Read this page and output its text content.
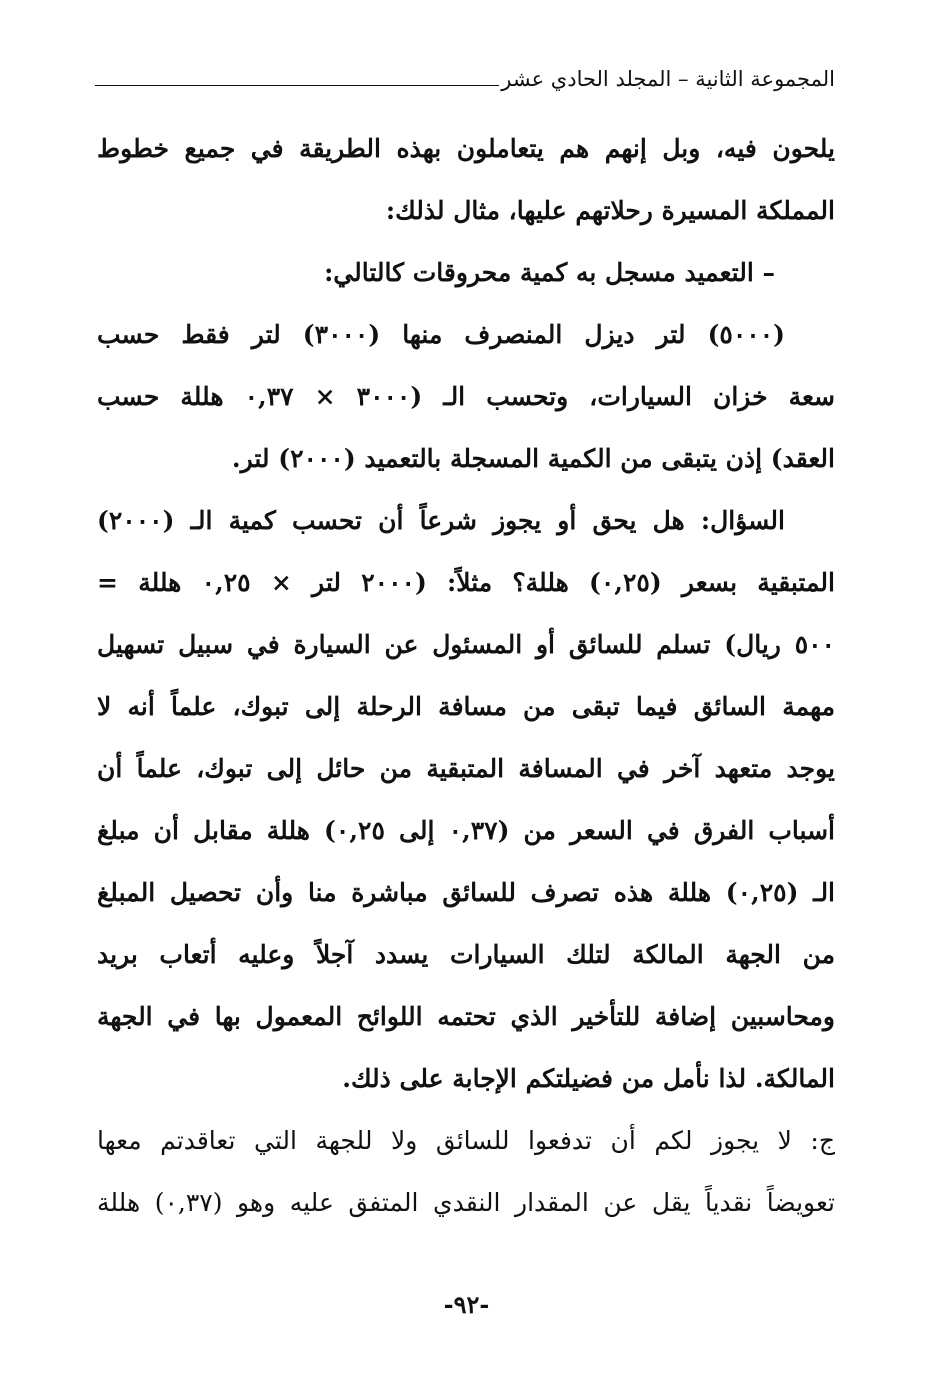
المجموعة الثانية – المجلد الحادي عشر
يلحون فيه، وبل إنهم هم يتعاملون بهذه الطريقة في جميع خطوط
المملكة المسيرة رحلاتهم عليها، مثال لذلك:
– التعميد مسجل به كمية محروقات كالتالي:
(٥٠٠٠) لتر ديزل المنصرف منها (٣٠٠٠) لتر فقط حسب
سعة خزان السيارات، وتحسب الـ (٣٠٠٠ × ٠,٣٧ هللة حسب
العقد) إذن يتبقى من الكمية المسجلة بالتعميد (٢٠٠٠) لتر.
السؤال: هل يحق أو يجوز شرعاً أن تحسب كمية الـ (٢٠٠٠)
المتبقية بسعر (٠,٢٥) هللة؟ مثلاً: (٢٠٠٠ لتر × ٠,٢٥ هللة =
٥٠٠ ريال) تسلم للسائق أو المسئول عن السيارة في سبيل تسهيل
مهمة السائق فيما تبقى من مسافة الرحلة إلى تبوك، علماً أنه لا
يوجد متعهد آخر في المسافة المتبقية من حائل إلى تبوك، علماً أن
أسباب الفرق في السعر من (٠,٣٧ إلى ٠,٢٥) هللة مقابل أن مبلغ
الـ (٠,٢٥) هللة هذه تصرف للسائق مباشرة منا وأن تحصيل المبلغ
من الجهة المالكة لتلك السيارات يسدد آجلاً وعليه أتعاب بريد
ومحاسبين إضافة للتأخير الذي تحتمه اللوائح المعمول بها في الجهة
المالكة. لذا نأمل من فضيلتكم الإجابة على ذلك.
ج: لا يجوز لكم أن تدفعوا للسائق ولا للجهة التي تعاقدتم معها
تعويضاً نقدياً يقل عن المقدار النقدي المتفق عليه وهو (٠,٣٧) هللة
-٩٢-
